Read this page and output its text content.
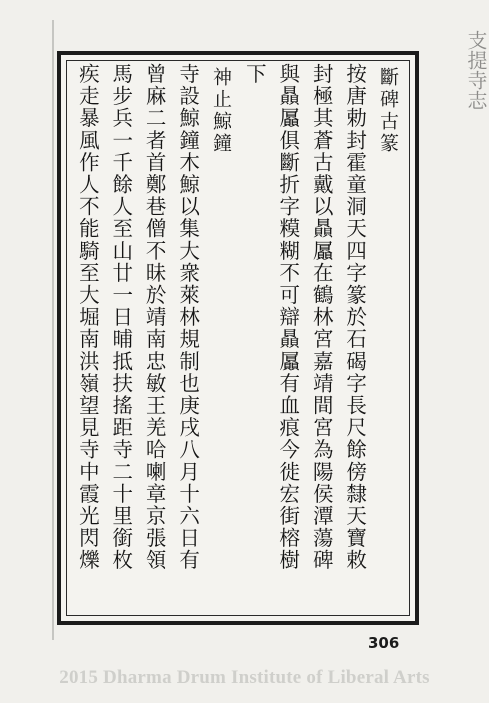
支提寺志
斷碑古篆
按唐勅封霍童洞天四字篆於石碣字長尺餘傍隸天寶敕
封極其蒼古戴以贔屭在鶴林宮嘉靖間宮為陽侯潭蕩碑
與贔屭俱斷折字糢糊不可辯贔屭有血痕今徙宏街榕樹
下
神止鯨鐘
寺設鯨鐘木鯨以集大衆萊林規制也庚戌八月十六日有
曾麻二者首鄭巷僧不昧於靖南忠敏王羌哈喇章京張領
馬步兵一千餘人至山廿一日晡抵扶搖距寺二十里銜枚
疾走暴風作人不能騎至大堀南洪嶺望見寺中霞光閃爍
306
2015 Dharma Drum Institute of Liberal Arts
